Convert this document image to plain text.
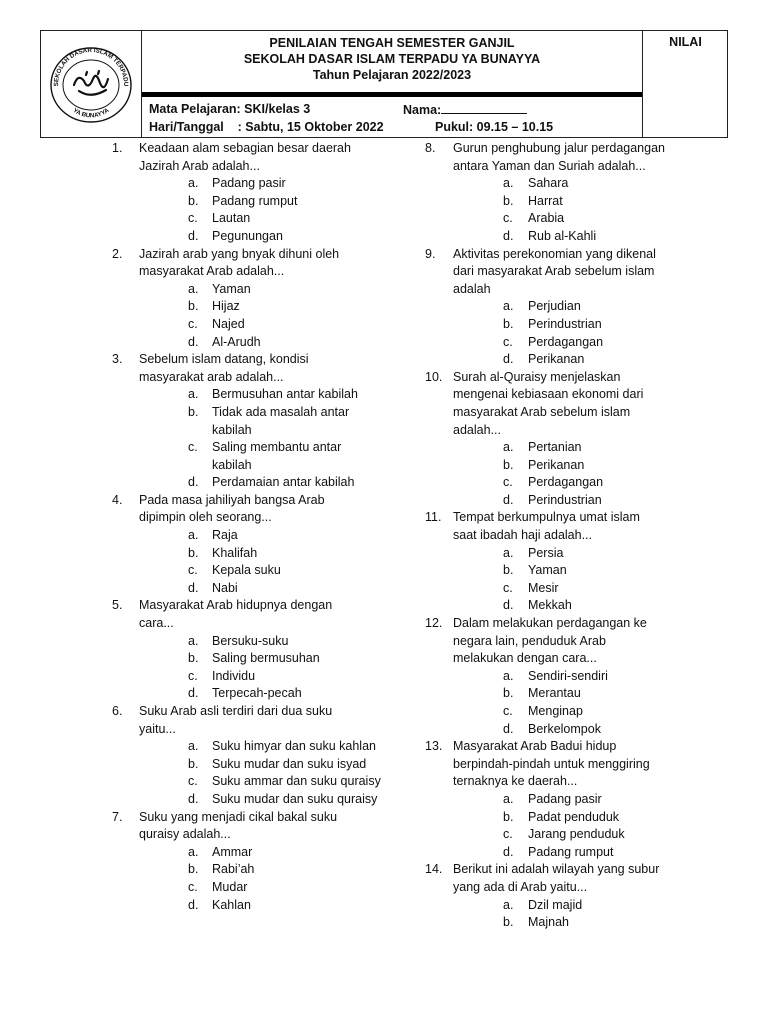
SEKOLAH DASAR ISLAM TERPADU
YA BUNAYYA
PENILAIAN TENGAH SEMESTER GANJIL
SEKOLAH DASAR ISLAM TERPADU YA BUNAYYA
Tahun Pelajaran 2022/2023
NILAI
Mata Pelajaran: SKI/kelas 3	Nama:
Hari/Tanggal    : Sabtu, 15 Oktober 2022	Pukul: 09.15 – 10.15
1. Keadaan alam sebagian besar daerah
Jazirah Arab adalah...
a. Padang pasir
b. Padang rumput
c. Lautan
d. Pegunungan
2. Jazirah arab yang bnyak dihuni oleh
masyarakat Arab adalah...
a. Yaman
b. Hijaz
c. Najed
d. Al-Arudh
3. Sebelum islam datang, kondisi
masyarakat arab adalah...
a. Bermusuhan antar kabilah
b. Tidak ada masalah antar
kabilah
c. Saling membantu antar
kabilah
d. Perdamaian antar kabilah
4. Pada masa jahiliyah bangsa Arab
dipimpin oleh seorang...
a. Raja
b. Khalifah
c. Kepala suku
d. Nabi
5. Masyarakat Arab hidupnya dengan
cara...
a. Bersuku-suku
b. Saling bermusuhan
c. Individu
d. Terpecah-pecah
6. Suku Arab asli terdiri dari dua suku
yaitu...
a. Suku himyar dan suku kahlan
b. Suku mudar dan suku isyad
c. Suku ammar dan suku quraisy
d. Suku mudar dan suku quraisy
7. Suku yang menjadi cikal bakal suku
quraisy adalah...
a. Ammar
b. Rabi’ah
c. Mudar
d. Kahlan
8. Gurun penghubung jalur perdagangan
antara Yaman dan Suriah adalah...
a. Sahara
b. Harrat
c. Arabia
d. Rub al-Kahli
9. Aktivitas perekonomian yang dikenal
dari masyarakat Arab sebelum islam
adalah
a. Perjudian
b. Perindustrian
c. Perdagangan
d. Perikanan
10. Surah al-Quraisy menjelaskan
mengenai kebiasaan ekonomi dari
masyarakat Arab sebelum islam
adalah...
a. Pertanian
b. Perikanan
c. Perdagangan
d. Perindustrian
11. Tempat berkumpulnya umat islam
saat ibadah haji adalah...
a. Persia
b. Yaman
c. Mesir
d. Mekkah
12. Dalam melakukan perdagangan ke
negara lain, penduduk Arab
melakukan dengan cara...
a. Sendiri-sendiri
b. Merantau
c. Menginap
d. Berkelompok
13. Masyarakat Arab Badui hidup
berpindah-pindah untuk menggiring
ternaknya ke daerah...
a. Padang pasir
b. Padat penduduk
c. Jarang penduduk
d. Padang rumput
14. Berikut ini adalah wilayah yang subur
yang ada di Arab yaitu...
a. Dzil majid
b. Majnah
